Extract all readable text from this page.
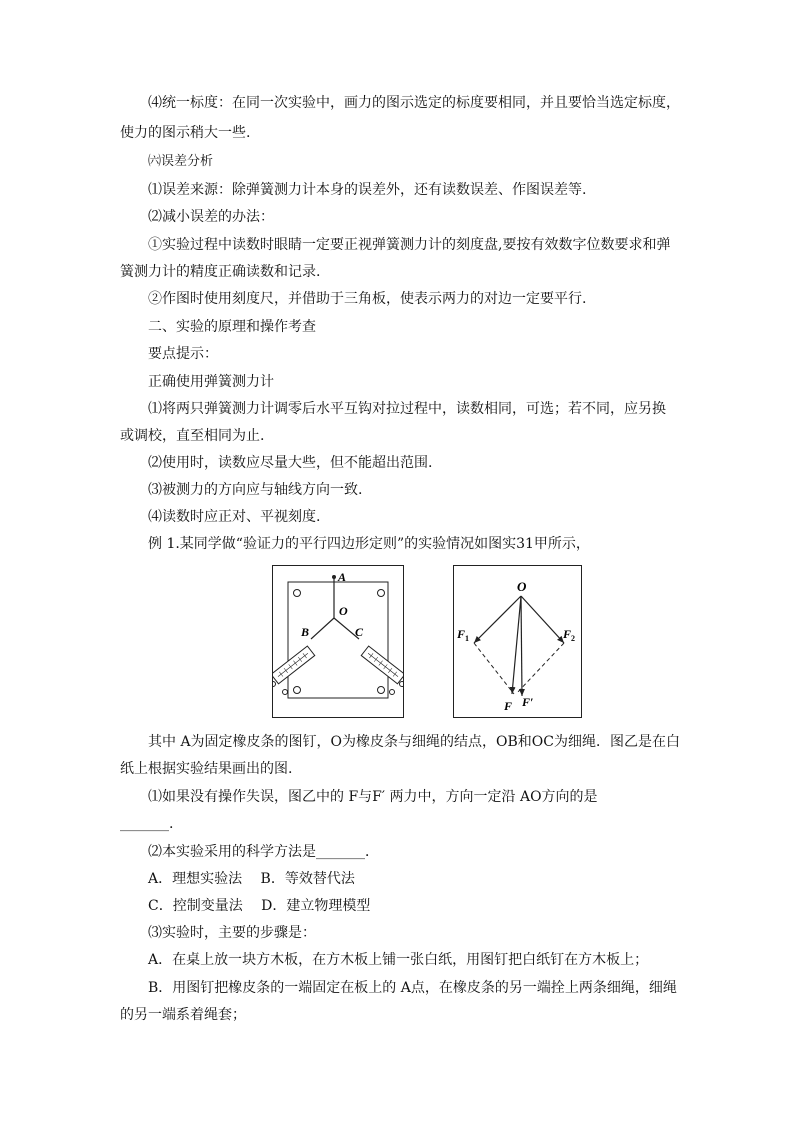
⑷统一标度：在同一次实验中，画力的图示选定的标度要相同，并且要恰当选定标度，
使力的图示稍大一些.
㈥误差分析
⑴误差来源：除弹簧测力计本身的误差外，还有读数误差、作图误差等.
⑵减小误差的办法：
①实验过程中读数时眼睛一定要正视弹簧测力计的刻度盘,要按有效数字位数要求和弹
簧测力计的精度正确读数和记录.
②作图时使用刻度尺，并借助于三角板，使表示两力的对边一定要平行.
二、实验的原理和操作考查
要点提示：
正确使用弹簧测力计
⑴将两只弹簧测力计调零后水平互钩对拉过程中，读数相同，可选；若不同，应另换
或调校，直至相同为止.
⑵使用时，读数应尽量大些，但不能超出范围.
⑶被测力的方向应与轴线方向一致.
⑷读数时应正对、平视刻度.
例 1.某同学做“验证力的平行四边形定则”的实验情况如图实31甲所示，
A
O
B	C
O
F 1	F 2
F F′
其中 A为固定橡皮条的图钉，O为橡皮条与细绳的结点，OB和OC为细绳．图乙是在白
纸上根据实验结果画出的图.
⑴如果没有操作失误，图乙中的 F与F′ 两力中，方向一定沿 AO方向的是
_______.
⑵本实验采用的科学方法是_______．
A．理想实验法　 B．等效替代法
C．控制变量法　 D．建立物理模型
⑶实验时，主要的步骤是：
A．在桌上放一块方木板，在方木板上铺一张白纸，用图钉把白纸钉在方木板上；
B．用图钉把橡皮条的一端固定在板上的 A点，在橡皮条的另一端拴上两条细绳，细绳
的另一端系着绳套；
